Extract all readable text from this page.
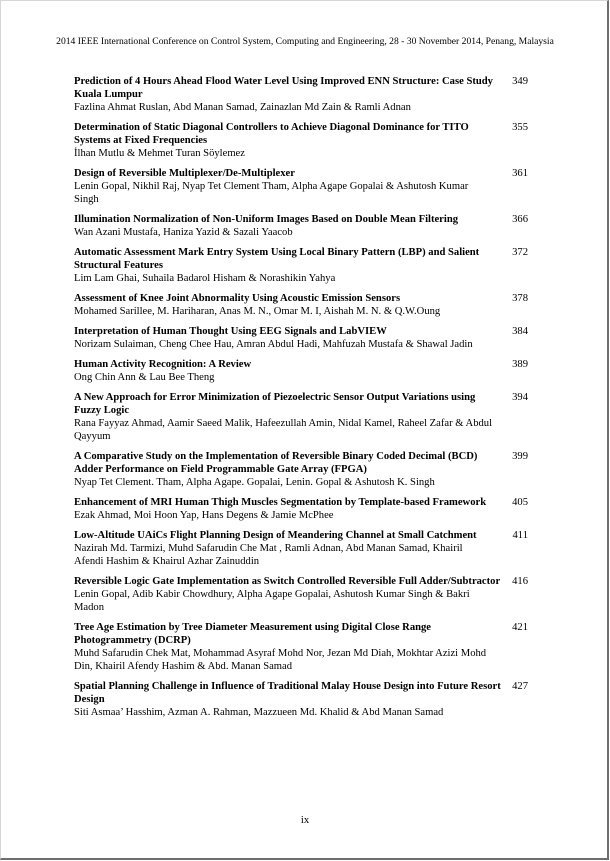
2014 IEEE International Conference on Control System, Computing and Engineering, 28 - 30 November 2014, Penang, Malaysia
Prediction of 4 Hours Ahead Flood Water Level Using Improved ENN Structure: Case Study Kuala Lumpur
Fazlina Ahmat Ruslan, Abd Manan Samad, Zainazlan Md Zain & Ramli Adnan
349
Determination of Static Diagonal Controllers to Achieve Diagonal Dominance for TITO Systems at Fixed Frequencies
İlhan Mutlu & Mehmet Turan Söylemez
355
Design of Reversible Multiplexer/De-Multiplexer
Lenin Gopal, Nikhil Raj, Nyap Tet Clement Tham, Alpha Agape Gopalai & Ashutosh Kumar Singh
361
Illumination Normalization of Non-Uniform Images Based on Double Mean Filtering
Wan Azani Mustafa, Haniza Yazid & Sazali Yaacob
366
Automatic Assessment Mark Entry System Using Local Binary Pattern (LBP) and Salient Structural Features
Lim Lam Ghai, Suhaila Badarol Hisham & Norashikin Yahya
372
Assessment of Knee Joint Abnormality Using Acoustic Emission Sensors
Mohamed Sarillee, M. Hariharan, Anas M. N., Omar M. I, Aishah M. N. & Q.W.Oung
378
Interpretation of Human Thought Using EEG Signals and LabVIEW
Norizam Sulaiman, Cheng Chee Hau, Amran Abdul Hadi, Mahfuzah Mustafa & Shawal Jadin
384
Human Activity Recognition: A Review
Ong Chin Ann & Lau Bee Theng
389
A New Approach for Error Minimization of Piezoelectric Sensor Output Variations using Fuzzy Logic
Rana Fayyaz Ahmad, Aamir Saeed Malik, Hafeezullah Amin, Nidal Kamel, Raheel Zafar & Abdul Qayyum
394
A Comparative Study on the Implementation of Reversible Binary Coded Decimal (BCD) Adder Performance on Field Programmable Gate Array (FPGA)
Nyap Tet Clement. Tham, Alpha Agape. Gopalai, Lenin. Gopal & Ashutosh K. Singh
399
Enhancement of MRI Human Thigh Muscles Segmentation by Template-based Framework
Ezak Ahmad, Moi Hoon Yap, Hans Degens & Jamie McPhee
405
Low-Altitude UAiCs Flight Planning Design of Meandering Channel at Small Catchment
Nazirah Md. Tarmizi, Muhd Safarudin Che Mat , Ramli Adnan, Abd Manan Samad, Khairil Afendi Hashim & Khairul Azhar Zainuddin
411
Reversible Logic Gate Implementation as Switch Controlled Reversible Full Adder/Subtractor
Lenin Gopal, Adib Kabir Chowdhury, Alpha Agape Gopalai, Ashutosh Kumar Singh & Bakri Madon
416
Tree Age Estimation by Tree Diameter Measurement using Digital Close Range Photogrammetry (DCRP)
Muhd Safarudin Chek Mat, Mohammad Asyraf Mohd Nor, Jezan Md Diah, Mokhtar Azizi Mohd Din, Khairil Afendy Hashim & Abd. Manan Samad
421
Spatial Planning Challenge in Influence of Traditional Malay House Design into Future Resort Design
Siti Asmaa’ Hasshim, Azman A. Rahman, Mazzueen Md. Khalid & Abd Manan Samad
427
ix
